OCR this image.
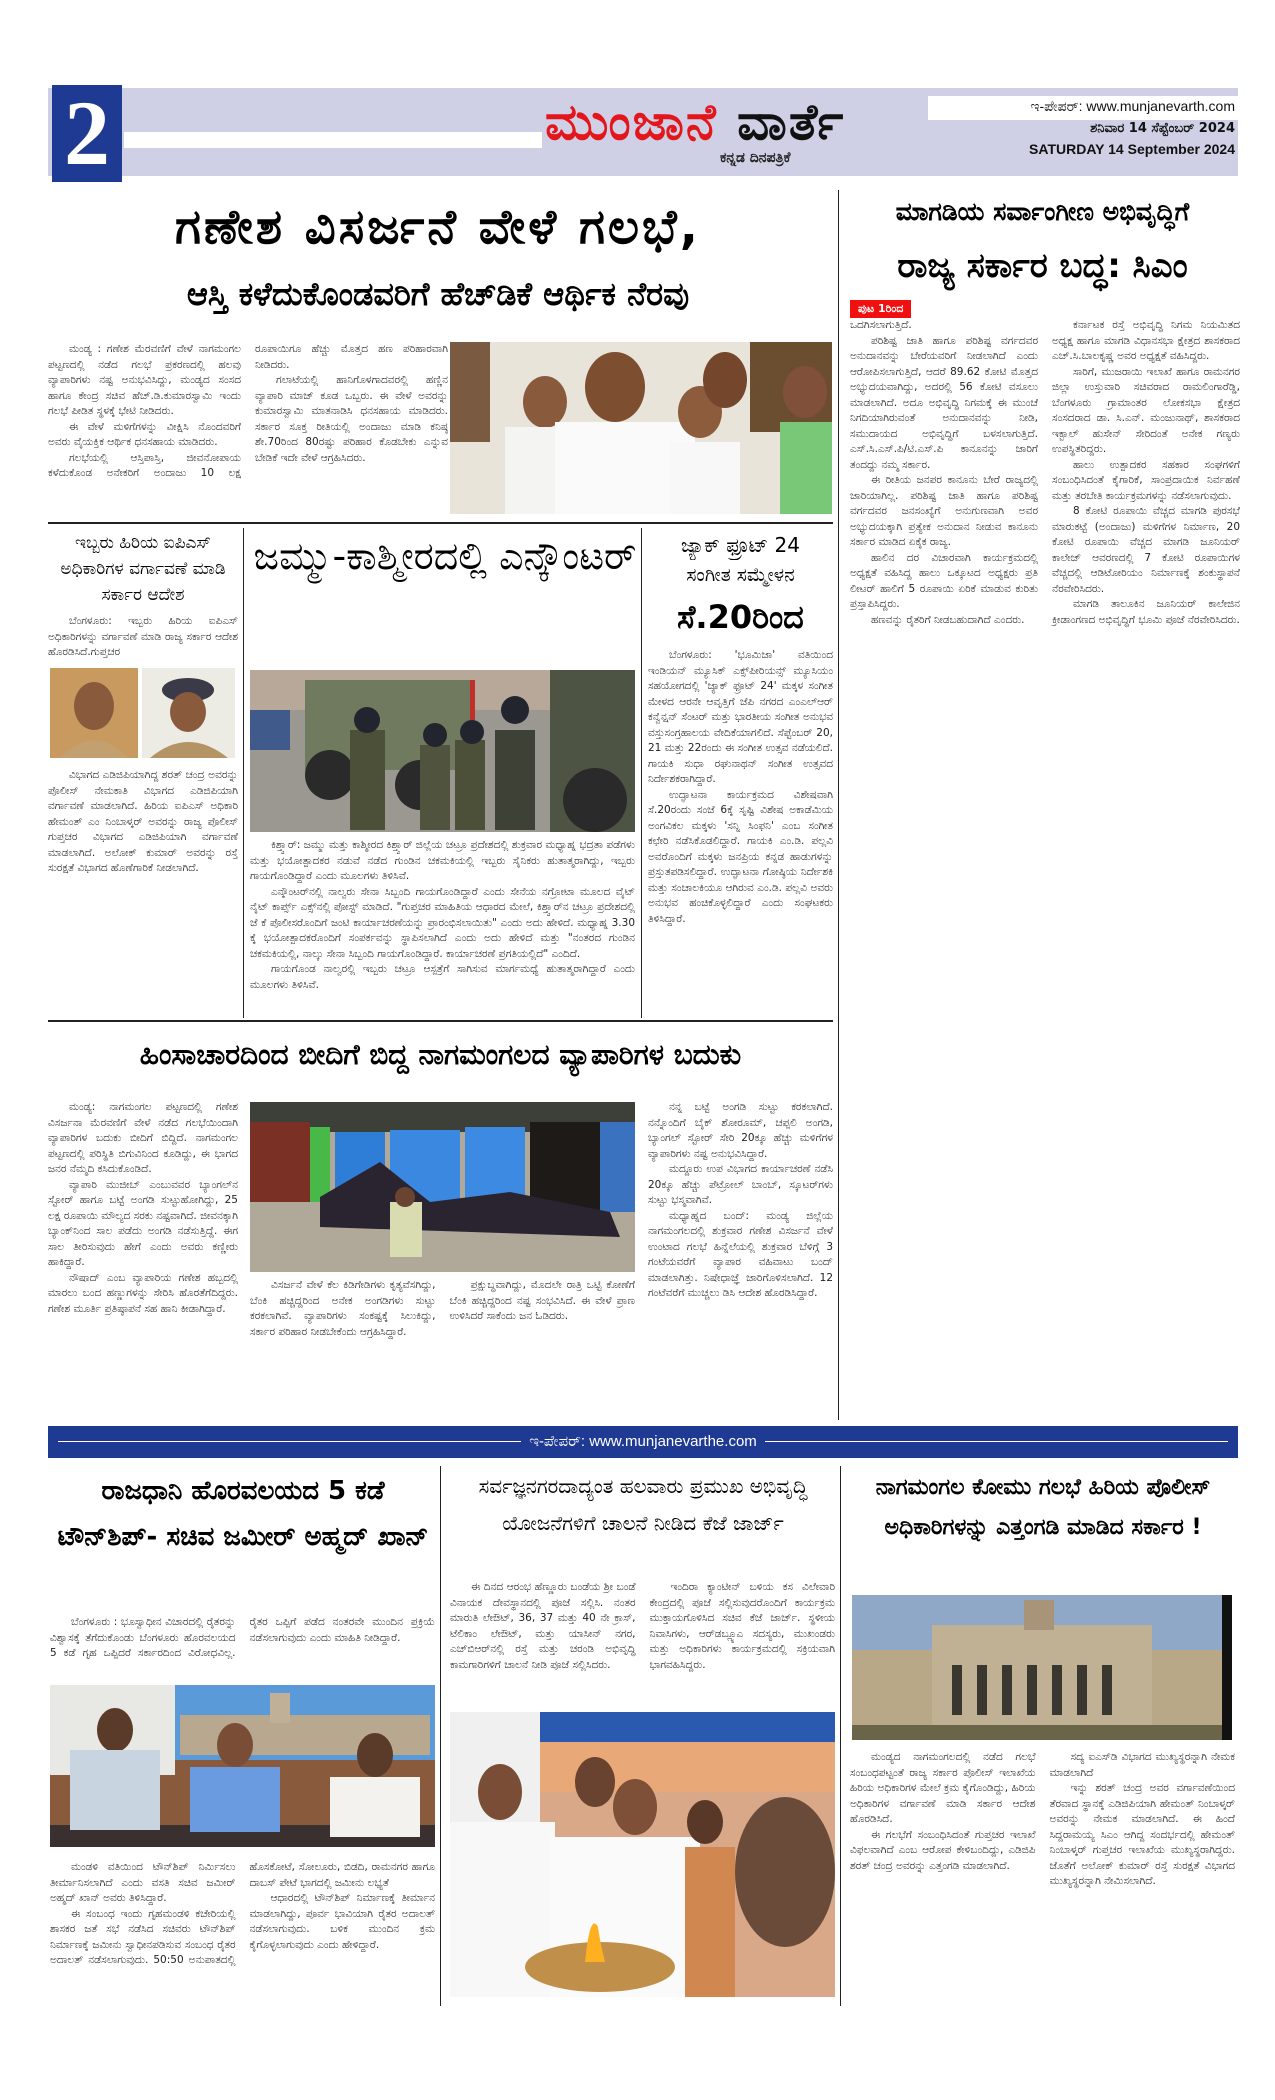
2	ಮುಂಜಾನೆ ವಾರ್ತೆ
ಕನ್ನಡ ದಿನಪತ್ರಿಕೆ
ಇ-ಪೇಪರ್: www.munjanevarth.com
ಶನಿವಾರ 14 ಸೆಪ್ಟೆಂಬರ್ 2024
SATURDAY 14 September 2024
ಗಣೇಶ ವಿಸರ್ಜನೆ ವೇಳೆ ಗಲಭೆ,
ಆಸ್ತಿ ಕಳೆದುಕೊಂಡವರಿಗೆ ಹೆಚ್‌ಡಿಕೆ ಆರ್ಥಿಕ ನೆರವು

ಮಂಡ್ಯ : ಗಣೇಶ ಮೆರವಣಿಗೆ ವೇಳೆ ನಾಗಮಂಗಲ ಪಟ್ಟಣದಲ್ಲಿ ನಡೆದ ಗಲಭೆ ಪ್ರಕರಣದಲ್ಲಿ ಹಲವು ವ್ಯಾಪಾರಿಗಳು ನಷ್ಟ ಅನುಭವಿಸಿದ್ದು, ಮಂಡ್ಯದ ಸಂಸದ ಹಾಗೂ ಕೇಂದ್ರ ಸಚಿವ ಹೆಚ್.ಡಿ.ಕುಮಾರಸ್ವಾಮಿ ಇಂದು ಗಲಭೆ ಪೀಡಿತ ಸ್ಥಳಕ್ಕೆ ಭೇಟಿ ನೀಡಿದರು.

ಈ ವೇಳೆ ಮಳಿಗೆಗಳನ್ನು ವೀಕ್ಷಿಸಿ ನೊಂದವರಿಗೆ ಅವರು ವೈಯಕ್ತಿಕ ಆರ್ಥಿಕ ಧನಸಹಾಯ ಮಾಡಿದರು.

ಗಲಭೆಯಲ್ಲಿ ಆಸ್ತಿಪಾಸ್ತಿ, ಜೀವನೋಪಾಯ ಕಳೆದುಕೊಂಡ ಅನೇಕರಿಗೆ ಅಂದಾಜು 10 ಲಕ್ಷ ರೂಪಾಯಿಗೂ ಹೆಚ್ಚು ಮೊತ್ತದ ಹಣ ಪರಿಹಾರವಾಗಿ ನೀಡಿದರು.

ಗಲಾಟೆಯಲ್ಲಿ ಹಾನಿಗೊಳಗಾದವರಲ್ಲಿ ಹಣ್ಣಿನ ವ್ಯಾಪಾರಿ ಮಾಜ್ ಕೂಡ ಒಬ್ಬರು. ಈ ವೇಳೆ ಅವರನ್ನು ಕುಮಾರಸ್ವಾಮಿ ಮಾತನಾಡಿಸಿ ಧನಸಹಾಯ ಮಾಡಿದರು. ಸರ್ಕಾರ ಸೂಕ್ತ ರೀತಿಯಲ್ಲಿ ಅಂದಾಜು ಮಾಡಿ ಕನಿಷ್ಠ ಶೇ.70ರಿಂದ 80ರಷ್ಟು ಪರಿಹಾರ ಕೊಡಬೇಕು ಎನ್ನುವ ಬೇಡಿಕೆ ಇದೇ ವೇಳೆ ಆಗ್ರಹಿಸಿದರು.

ಮಾಗಡಿಯ ಸರ್ವಾಂಗೀಣ ಅಭಿವೃದ್ಧಿಗೆ
ರಾಜ್ಯ ಸರ್ಕಾರ ಬದ್ಧ: ಸಿಎಂ
ಪುಟ 1ರಿಂದ

ಒದಗಿಸಲಾಗುತ್ತಿದೆ.

ಪರಿಶಿಷ್ಟ ಜಾತಿ ಹಾಗೂ ಪರಿಶಿಷ್ಟ ವರ್ಗದವರ ಅನುದಾನವನ್ನು ಬೇರೆಯವರಿಗೆ ನೀಡಲಾಗಿದೆ ಎಂದು ಆರೋಪಿಸಲಾಗುತ್ತಿದೆ, ಆದರೆ 89.62 ಕೋಟಿ ಮೊತ್ತದ ಅಭ್ಯುದಯವಾಗಿದ್ದು, ಅದರಲ್ಲಿ 56 ಕೋಟಿ ವಸೂಲು ಮಾಡಲಾಗಿದೆ. ಅದೂ ಅಭಿವೃದ್ಧಿ ನಿಗಮಕ್ಕೆ ಈ ಮುಂಚೆ ನಿಗದಿಯಾಗಿರುವಂತೆ ಅನುದಾನವನ್ನು ನೀಡಿ, ಸಮುದಾಯದ ಅಭಿವೃದ್ಧಿಗೆ ಬಳಸಲಾಗುತ್ತಿದೆ. ಎಸ್.ಸಿ.ಎಸ್.ಪಿ/ಟಿ.ಎಸ್.ಪಿ ಕಾನೂನನ್ನು ಜಾರಿಗೆ ತಂದದ್ದು ನಮ್ಮ ಸರ್ಕಾರ.

ಈ ರೀತಿಯ ಜನಪರ ಕಾನೂನು ಬೇರೆ ರಾಜ್ಯದಲ್ಲಿ ಜಾರಿಯಾಗಿಲ್ಲ. ಪರಿಶಿಷ್ಟ ಜಾತಿ ಹಾಗೂ ಪರಿಶಿಷ್ಟ ವರ್ಗದವರ ಜನಸಂಖ್ಯೆಗೆ ಅನುಗುಣವಾಗಿ ಅವರ ಅಭ್ಯುದಯಕ್ಕಾಗಿ ಪ್ರತ್ಯೇಕ ಅನುದಾನ ನೀಡುವ ಕಾನೂನು ಸರ್ಕಾರ ಮಾಡಿದ ಏಕೈಕ ರಾಜ್ಯ.

ಹಾಲಿನ ದರ ವಿಚಾರವಾಗಿ ಕಾರ್ಯಕ್ರಮದಲ್ಲಿ ಅಧ್ಯಕ್ಷತೆ ವಹಿಸಿದ್ದ ಹಾಲು ಒಕ್ಕೂಟದ ಅಧ್ಯಕ್ಷರು ಪ್ರತಿ ಲೀಟರ್ ಹಾಲಿಗೆ 5 ರೂಪಾಯಿ ಏರಿಕೆ ಮಾಡುವ ಕುರಿತು ಪ್ರಸ್ತಾಪಿಸಿದ್ದರು.

ಹಣವನ್ನು ರೈತರಿಗೆ ನೀಡಬಹುದಾಗಿದೆ ಎಂದರು.

ಕರ್ನಾಟಕ ರಸ್ತೆ ಅಭಿವೃದ್ಧಿ ನಿಗಮ ನಿಯಮಿತದ ಅಧ್ಯಕ್ಷ ಹಾಗೂ ಮಾಗಡಿ ವಿಧಾನಸಭಾ ಕ್ಷೇತ್ರದ ಶಾಸಕರಾದ ಎಚ್.ಸಿ.ಬಾಲಕೃಷ್ಣ ಅವರ ಅಧ್ಯಕ್ಷತೆ ವಹಿಸಿದ್ದರು.

ಸಾರಿಗೆ, ಮುಜರಾಯಿ ಇಲಾಖೆ ಹಾಗೂ ರಾಮನಗರ ಜಿಲ್ಲಾ ಉಸ್ತುವಾರಿ ಸಚಿವರಾದ ರಾಮಲಿಂಗಾರೆಡ್ಡಿ, ಬೆಂಗಳೂರು ಗ್ರಾಮಾಂತರ ಲೋಕಸಭಾ ಕ್ಷೇತ್ರದ ಸಂಸದರಾದ ಡಾ. ಸಿ.ಎನ್. ಮಂಜುನಾಥ್, ಶಾಸಕರಾದ ಇಕ್ಬಾಲ್ ಹುಸೇನ್ ಸೇರಿದಂತೆ ಅನೇಕ ಗಣ್ಯರು ಉಪಸ್ಥಿತರಿದ್ದರು.

ಹಾಲು ಉತ್ಪಾದಕರ ಸಹಕಾರ ಸಂಘಗಳಿಗೆ ಸಂಬಂಧಿಸಿದಂತೆ ಕೈಗಾರಿಕೆ, ಸಾಂಪ್ರದಾಯಿಕ ನಿರ್ವಹಣೆ ಮತ್ತು ತರಬೇತಿ ಕಾರ್ಯಕ್ರಮಗಳನ್ನು ನಡೆಸಲಾಗುವುದು.

8 ಕೋಟಿ ರೂಪಾಯಿ ವೆಚ್ಚದ ಮಾಗಡಿ ಪುರಸಭೆ ಮಾರುಕಟ್ಟೆ (ಅಂದಾಜು) ಮಳಿಗೆಗಳ ನಿರ್ಮಾಣ, 20 ಕೋಟಿ ರೂಪಾಯಿ ವೆಚ್ಚದ ಮಾಗಡಿ ಜೂನಿಯರ್ ಕಾಲೇಜ್ ಆವರಣದಲ್ಲಿ 7 ಕೋಟಿ ರೂಪಾಯಿಗಳ ವೆಚ್ಚದಲ್ಲಿ ಆಡಿಟೋರಿಯಂ ನಿರ್ಮಾಣಕ್ಕೆ ಶಂಕುಸ್ಥಾಪನೆ ನೆರವೇರಿಸಿದರು.

ಮಾಗಡಿ ತಾಲೂಕಿನ ಜೂನಿಯರ್ ಕಾಲೇಜಿನ ಕ್ರೀಡಾಂಗಣದ ಅಭಿವೃದ್ಧಿಗೆ ಭೂಮಿ ಪೂಜೆ ನೆರವೇರಿಸಿದರು.

ಇಬ್ಬರು ಹಿರಿಯ ಐಪಿಎಸ್ ಅಧಿಕಾರಿಗಳ ವರ್ಗಾವಣೆ ಮಾಡಿ ಸರ್ಕಾರ ಆದೇಶ

ಬೆಂಗಳೂರು: ಇಬ್ಬರು ಹಿರಿಯ ಐಪಿಎಸ್ ಅಧಿಕಾರಿಗಳನ್ನು ವರ್ಗಾವಣೆ ಮಾಡಿ ರಾಜ್ಯ ಸರ್ಕಾರ ಆದೇಶ ಹೊರಡಿಸಿದೆ.ಗುಪ್ತಚರ

ವಿಭಾಗದ ಎಡಿಜಿಪಿಯಾಗಿದ್ದ ಶರತ್ ಚಂದ್ರ ಅವರನ್ನು ಪೊಲೀಸ್ ನೇಮಕಾತಿ ವಿಭಾಗದ ಎಡಿಜಿಪಿಯಾಗಿ ವರ್ಗಾವಣೆ ಮಾಡಲಾಗಿದೆ. ಹಿರಿಯ ಐಪಿಎಸ್ ಅಧಿಕಾರಿ ಹೇಮಂತ್ ಎಂ ನಿಂಬಾಳ್ಕರ್ ಅವರನ್ನು ರಾಜ್ಯ ಪೊಲೀಸ್ ಗುಪ್ತಚರ ವಿಭಾಗದ ಎಡಿಜಿಪಿಯಾಗಿ ವರ್ಗಾವಣೆ ಮಾಡಲಾಗಿದೆ. ಅಲೋಕ್ ಕುಮಾರ್ ಅವರನ್ನು ರಸ್ತೆ ಸುರಕ್ಷತೆ ವಿಭಾಗದ ಹೊಣೆಗಾರಿಕೆ ನೀಡಲಾಗಿದೆ.

ಜಮ್ಮು-ಕಾಶ್ಮೀರದಲ್ಲಿ ಎನ್ಕೌಂಟರ್

ಕಿಶ್ತ್ವಾರ್: ಜಮ್ಮು ಮತ್ತು ಕಾಶ್ಮೀರದ ಕಿಶ್ತ್ವಾರ್ ಜಿಲ್ಲೆಯ ಚಟ್ರೂ ಪ್ರದೇಶದಲ್ಲಿ ಶುಕ್ರವಾರ ಮಧ್ಯಾಹ್ನ ಭದ್ರತಾ ಪಡೆಗಳು ಮತ್ತು ಭಯೋತ್ಪಾದಕರ ನಡುವೆ ನಡೆದ ಗುಂಡಿನ ಚಕಮಕಿಯಲ್ಲಿ ಇಬ್ಬರು ಸೈನಿಕರು ಹುತಾತ್ಮರಾಗಿದ್ದು, ಇಬ್ಬರು ಗಾಯಗೊಂಡಿದ್ದಾರೆ ಎಂದು ಮೂಲಗಳು ತಿಳಿಸಿವೆ.

ಎನ್ಕೌಂಟರ್‌ನಲ್ಲಿ ನಾಲ್ವರು ಸೇನಾ ಸಿಬ್ಬಂದಿ ಗಾಯಗೊಂಡಿದ್ದಾರೆ ಎಂದು ಸೇನೆಯ ನಗ್ರೋಟಾ ಮೂಲದ ವೈಟ್ ನೈಟ್ ಕಾರ್ಪ್ಸ್ ಎಕ್ಸ್‌ನಲ್ಲಿ ಪೋಸ್ಟ್ ಮಾಡಿದೆ. "ಗುಪ್ತಚರ ಮಾಹಿತಿಯ ಆಧಾರದ ಮೇಲೆ, ಕಿಶ್ತ್ವಾರ್‌ನ ಚಟ್ರೂ ಪ್ರದೇಶದಲ್ಲಿ ಜೆ ಕೆ ಪೊಲೀಸರೊಂದಿಗೆ ಜಂಟಿ ಕಾರ್ಯಾಚರಣೆಯನ್ನು ಪ್ರಾರಂಭಿಸಲಾಯಿತು" ಎಂದು ಅದು ಹೇಳಿದೆ. ಮಧ್ಯಾಹ್ನ 3.30 ಕ್ಕೆ ಭಯೋತ್ಪಾದಕರೊಂದಿಗೆ ಸಂಪರ್ಕವನ್ನು ಸ್ಥಾಪಿಸಲಾಗಿದೆ ಎಂದು ಅದು ಹೇಳಿದೆ ಮತ್ತು "ನಂತರದ ಗುಂಡಿನ ಚಕಮಕಿಯಲ್ಲಿ, ನಾಲ್ಕು ಸೇನಾ ಸಿಬ್ಬಂದಿ ಗಾಯಗೊಂಡಿದ್ದಾರೆ. ಕಾರ್ಯಾಚರಣೆ ಪ್ರಗತಿಯಲ್ಲಿದೆ" ಎಂದಿದೆ.

ಗಾಯಗೊಂಡ ನಾಲ್ವರಲ್ಲಿ ಇಬ್ಬರು ಚಟ್ರೂ ಆಸ್ಪತ್ರೆಗೆ ಸಾಗಿಸುವ ಮಾರ್ಗಮಧ್ಯೆ ಹುತಾತ್ಮರಾಗಿದ್ದಾರೆ ಎಂದು ಮೂಲಗಳು ತಿಳಿಸಿವೆ.

ಜ್ಯಾಕ್ ಫ್ರೂಟ್ 24
ಸಂಗೀತ ಸಮ್ಮೇಳನ
ಸೆ.20ರಿಂದ

ಬೆಂಗಳೂರು: 'ಭೂಮಿಜಾ' ವತಿಯಿಂದ ಇಂಡಿಯನ್ ಮ್ಯೂಸಿಕ್ ಎಕ್ಸ್‌ಪೀರಿಯನ್ಸ್ ಮ್ಯೂಸಿಯಂ ಸಹಯೋಗದಲ್ಲಿ 'ಜ್ಯಾಕ್ ಫ್ರೂಟ್ 24' ಮಕ್ಕಳ ಸಂಗೀತ ಮೇಳದ ಆರನೇ ಆವೃತ್ತಿಗೆ ಜೆಪಿ ನಗರದ ಎಂಎಲ್‌ಆರ್ ಕನ್ವೆನ್ಷನ್ ಸೆಂಟರ್ ಮತ್ತು ಭಾರತೀಯ ಸಂಗೀತ ಅನುಭವ ವಸ್ತುಸಂಗ್ರಹಾಲಯ ವೇದಿಕೆಯಾಗಲಿದೆ. ಸೆಪ್ಟೆಂಬರ್ 20, 21 ಮತ್ತು 22ರಂದು ಈ ಸಂಗೀತ ಉತ್ಸವ ನಡೆಯಲಿದೆ. ಗಾಯಕಿ ಸುಧಾ ರಘುನಾಥನ್ ಸಂಗೀತ ಉತ್ಸವದ ನಿರ್ದೇಶಕರಾಗಿದ್ದಾರೆ.

ಉದ್ಘಾಟನಾ ಕಾರ್ಯಕ್ರಮದ ವಿಶೇಷವಾಗಿ ಸೆ.20ರಂದು ಸಂಜೆ 6ಕ್ಕೆ ಸೃಷ್ಟಿ ವಿಶೇಷ ಅಕಾಡೆಮಿಯ ಅಂಗವಿಕಲ ಮಕ್ಕಳು 'ಸನ್ನಿ ಸಿಂಫನಿ' ಎಂಬ ಸಂಗೀತ ಕಛೇರಿ ನಡೆಸಿಕೊಡಲಿದ್ದಾರೆ. ಗಾಯಕಿ ಎಂ.ಡಿ. ಪಲ್ಲವಿ ಅವರೊಂದಿಗೆ ಮಕ್ಕಳು ಜನಪ್ರಿಯ ಕನ್ನಡ ಹಾಡುಗಳನ್ನು ಪ್ರಸ್ತುತಪಡಿಸಲಿದ್ದಾರೆ. ಉದ್ಘಾಟನಾ ಗೋಷ್ಠಿಯ ನಿರ್ದೇಶಕಿ ಮತ್ತು ಸಂಚಾಲಕಿಯೂ ಆಗಿರುವ ಎಂ.ಡಿ. ಪಲ್ಲವಿ ಅವರು ಅನುಭವ ಹಂಚಿಕೊಳ್ಳಲಿದ್ದಾರೆ ಎಂದು ಸಂಘಟಕರು ತಿಳಿಸಿದ್ದಾರೆ.

ಹಿಂಸಾಚಾರದಿಂದ ಬೀದಿಗೆ ಬಿದ್ದ ನಾಗಮಂಗಲದ ವ್ಯಾಪಾರಿಗಳ ಬದುಕು

ಮಂಡ್ಯ: ನಾಗಮಂಗಲ ಪಟ್ಟಣದಲ್ಲಿ ಗಣೇಶ ವಿಸರ್ಜನಾ ಮೆರವಣಿಗೆ ವೇಳೆ ನಡೆದ ಗಲಭೆಯಿಂದಾಗಿ ವ್ಯಾಪಾರಿಗಳ ಬದುಕು ಬೀದಿಗೆ ಬಿದ್ದಿದೆ. ನಾಗಮಂಗಲ ಪಟ್ಟಣದಲ್ಲಿ ಪರಿಸ್ಥಿತಿ ಬಿಗುವಿನಿಂದ ಕೂಡಿದ್ದು, ಈ ಭಾಗದ ಜನರ ನೆಮ್ಮದಿ ಕಸಿದುಕೊಂಡಿದೆ.

ವ್ಯಾಪಾರಿ ಮುಜೀಬ್ ಎಂಬುವವರ ಬ್ಯಾಂಗಲ್‌ನ ಸ್ಟೋರ್ ಹಾಗೂ ಬಟ್ಟೆ ಅಂಗಡಿ ಸುಟ್ಟುಹೋಗಿದ್ದು, 25 ಲಕ್ಷ ರೂಪಾಯಿ ಮೌಲ್ಯದ ಸರಕು ನಷ್ಟವಾಗಿದೆ. ಜೀವನಕ್ಕಾಗಿ ಬ್ಯಾಂಕ್‌ನಿಂದ ಸಾಲ ಪಡೆದು ಅಂಗಡಿ ನಡೆಸುತ್ತಿದ್ದೆ. ಈಗ ಸಾಲ ತೀರಿಸುವುದು ಹೇಗೆ ಎಂದು ಅವರು ಕಣ್ಣೀರು ಹಾಕಿದ್ದಾರೆ.

ನೌಷಾದ್ ಎಂಬ ವ್ಯಾಪಾರಿಯ ಗಣೇಶ ಹಬ್ಬದಲ್ಲಿ ಮಾರಲು ಬಂದ ಹಣ್ಣುಗಳನ್ನು ಸೇರಿಸಿ ಹೊರತೆಗೆದಿದ್ದರು. ಗಣೇಶ ಮೂರ್ತಿ ಪ್ರತಿಷ್ಠಾಪನೆ ಸಹ ಹಾನಿ ಕೀಡಾಗಿದ್ದಾರೆ.

ವಿಸರ್ಜನೆ ವೇಳೆ ಕೆಲ ಕಿಡಿಗೇಡಿಗಳು ಕೃತ್ಯವೆಸಗಿದ್ದು, ಬೆಂಕಿ ಹಚ್ಚಿದ್ದರಿಂದ ಅನೇಕ ಅಂಗಡಿಗಳು ಸುಟ್ಟು ಕರಕಲಾಗಿವೆ. ವ್ಯಾಪಾರಿಗಳು ಸಂಕಷ್ಟಕ್ಕೆ ಸಿಲುಕಿದ್ದು, ಸರ್ಕಾರ ಪರಿಹಾರ ನೀಡಬೇಕೆಂದು ಆಗ್ರಹಿಸಿದ್ದಾರೆ.

ಪ್ರಕ್ಷುಬ್ಧವಾಗಿದ್ದು, ಮೊದಲೇ ರಾತ್ರಿ ಒಟ್ಟಿ ಕೋಣೆಗೆ ಬೆಂಕಿ ಹಚ್ಚಿದ್ದರಿಂದ ನಷ್ಟ ಸಂಭವಿಸಿದೆ. ಈ ವೇಳೆ ಪ್ರಾಣ ಉಳಿಸಿದರೆ ಸಾಕೆಂದು ಜನ ಓಡಿದರು.

ನನ್ನ ಬಟ್ಟೆ ಅಂಗಡಿ ಸುಟ್ಟು ಕರಕಲಾಗಿದೆ. ನನ್ನೊಂದಿಗೆ ಬೈಕ್ ಶೋರೂಮ್, ಚಪ್ಪಲಿ ಅಂಗಡಿ, ಬ್ಯಾಂಗಲ್ ಸ್ಟೋರ್ ಸೇರಿ 20ಕ್ಕೂ ಹೆಚ್ಚು ಮಳಿಗೆಗಳ ವ್ಯಾಪಾರಿಗಳು ನಷ್ಟ ಅನುಭವಿಸಿದ್ದಾರೆ.

ಮದ್ದೂರು ಉಪ ವಿಭಾಗದ ಕಾರ್ಯಾಚರಣೆ ನಡೆಸಿ 20ಕ್ಕೂ ಹೆಚ್ಚು ಪೆಟ್ರೋಲ್ ಬಾಂಬ್, ಸ್ಕೂಟರ್‌ಗಳು ಸುಟ್ಟು ಭಸ್ಮವಾಗಿವೆ.

ಮಧ್ಯಾಹ್ನದ ಬಂದ್: ಮಂಡ್ಯ ಜಿಲ್ಲೆಯ ನಾಗಮಂಗಲದಲ್ಲಿ ಶುಕ್ರವಾರ ಗಣೇಶ ವಿಸರ್ಜನೆ ವೇಳೆ ಉಂಟಾದ ಗಲಭೆ ಹಿನ್ನೆಲೆಯಲ್ಲಿ ಶುಕ್ರವಾರ ಬೆಳಿಗ್ಗೆ 3 ಗಂಟೆಯವರೆಗೆ ವ್ಯಾಪಾರ ವಹಿವಾಟು ಬಂದ್ ಮಾಡಲಾಗಿತ್ತು. ನಿಷೇಧಾಜ್ಞೆ ಜಾರಿಗೊಳಿಸಲಾಗಿದೆ. 12 ಗಂಟೆವರೆಗೆ ಮುಚ್ಚಲು ಡಿಸಿ ಆದೇಶ ಹೊರಡಿಸಿದ್ದಾರೆ.

ಇ-ಪೇಪರ್: www.munjanevarthe.com
ರಾಜಧಾನಿ ಹೊರವಲಯದ 5 ಕಡೆ ಟೌನ್‌ಶಿಪ್- ಸಚಿವ ಜಮೀರ್ ಅಹ್ಮದ್ ಖಾನ್

ಬೆಂಗಳೂರು : ಭೂಸ್ವಾಧೀನ ವಿಚಾರದಲ್ಲಿ ರೈತರನ್ನು ವಿಶ್ವಾಸಕ್ಕೆ ತೆಗೆದುಕೊಂಡು ಬೆಂಗಳೂರು ಹೊರವಲಯದ 5 ಕಡೆ ಗೃಹ ಒಪ್ಪಿದರೆ ಸರ್ಕಾರದಿಂದ ವಿರೋಧವಿಲ್ಲ. ರೈತರ ಒಪ್ಪಿಗೆ ಪಡೆದ ನಂತರವೇ ಮುಂದಿನ ಪ್ರಕ್ರಿಯೆ ನಡೆಸಲಾಗುವುದು ಎಂದು ಮಾಹಿತಿ ನೀಡಿದ್ದಾರೆ.

ಮಂಡಳಿ ವತಿಯಿಂದ ಟೌನ್‌ಶಿಪ್ ನಿರ್ಮಿಸಲು ತೀರ್ಮಾನಿಸಲಾಗಿದೆ ಎಂದು ವಸತಿ ಸಚಿವ ಜಮೀರ್ ಅಹ್ಮದ್ ಖಾನ್ ಅವರು ತಿಳಿಸಿದ್ದಾರೆ.

ಈ ಸಂಬಂಧ ಇಂದು ಗೃಹಮಂಡಳಿ ಕಚೇರಿಯಲ್ಲಿ ಶಾಸಕರ ಜತೆ ಸಭೆ ನಡೆಸಿದ ಸಚಿವರು ಟೌನ್‌ಶಿಪ್ ನಿರ್ಮಾಣಕ್ಕೆ ಜಮೀನು ಸ್ವಾಧೀನಪಡಿಸುವ ಸಂಬಂಧ ರೈತರ ಅದಾಲತ್ ನಡೆಸಲಾಗುವುದು. 50:50 ಅನುಪಾತದಲ್ಲಿ ಹೊಸಕೋಟೆ, ಸೋಲೂರು, ಬಿಡದಿ, ರಾಮನಗರ ಹಾಗೂ ದಾಬಸ್ ಪೇಟೆ ಭಾಗದಲ್ಲಿ ಜಮೀನು ಲಭ್ಯತೆ

ಆಧಾರದಲ್ಲಿ ಟೌನ್‌ಶಿಪ್ ನಿರ್ಮಾಣಕ್ಕೆ ತೀರ್ಮಾನ ಮಾಡಲಾಗಿದ್ದು, ಪೂರ್ವ ಭಾವಿಯಾಗಿ ರೈತರ ಅದಾಲತ್ ನಡೆಸಲಾಗುವುದು. ಬಳಿಕ ಮುಂದಿನ ಕ್ರಮ ಕೈಗೊಳ್ಳಲಾಗುವುದು ಎಂದು ಹೇಳಿದ್ದಾರೆ.

ಸರ್ವಜ್ಞನಗರದಾದ್ಯಂತ ಹಲವಾರು ಪ್ರಮುಖ ಅಭಿವೃದ್ಧಿ ಯೋಜನೆಗಳಿಗೆ ಚಾಲನೆ ನೀಡಿದ ಕೆಜೆ ಜಾರ್ಜ್

ಈ ದಿನದ ಆರಂಭ ಹೆಣ್ಣೂರು ಬಂಡೆಯ ಶ್ರೀ ಬಂಡೆ ವಿನಾಯಕ ದೇವಸ್ಥಾನದಲ್ಲಿ ಪೂಜೆ ಸಲ್ಲಿಸಿ. ನಂತರ ಮಾರುತಿ ಲೇಔಟ್, 36, 37 ಮತ್ತು 40 ನೇ ಕ್ರಾಸ್, ಟೆಲಿಕಾಂ ಲೇಔಟ್, ಮತ್ತು ಯಾಸೀನ್ ನಗರ, ಎಚ್‌ಬಿಆರ್‌ನಲ್ಲಿ ರಸ್ತೆ ಮತ್ತು ಚರಂಡಿ ಅಭಿವೃದ್ಧಿ ಕಾಮಗಾರಿಗಳಿಗೆ ಚಾಲನೆ ನೀಡಿ ಪೂಜೆ ಸಲ್ಲಿಸಿದರು.

ಇಂದಿರಾ ಕ್ಯಾಂಟೀನ್ ಬಳಿಯ ಕಸ ವಿಲೇವಾರಿ ಕೇಂದ್ರದಲ್ಲಿ ಪೂಜೆ ಸಲ್ಲಿಸುವುದರೊಂದಿಗೆ ಕಾರ್ಯಕ್ರಮ ಮುಕ್ತಾಯಗೊಳಿಸಿದ ಸಚಿವ ಕೆಜೆ ಜಾರ್ಜ್. ಸ್ಥಳೀಯ ನಿವಾಸಿಗಳು, ಆರ್‌ಡಬ್ಲ್ಯೂಎ ಸದಸ್ಯರು, ಮುಖಂಡರು ಮತ್ತು ಅಧಿಕಾರಿಗಳು ಕಾರ್ಯಕ್ರಮದಲ್ಲಿ ಸಕ್ರಿಯವಾಗಿ ಭಾಗವಹಿಸಿದ್ದರು.

ನಾಗಮಂಗಲ ಕೋಮು ಗಲಭೆ ಹಿರಿಯ ಪೊಲೀಸ್ ಅಧಿಕಾರಿಗಳನ್ನು ಎತ್ತಂಗಡಿ ಮಾಡಿದ ಸರ್ಕಾರ !

ಮಂಡ್ಯದ ನಾಗಮಂಗಲದಲ್ಲಿ ನಡೆದ ಗಲಭೆ ಸಂಬಂಧಪಟ್ಟಂತೆ ರಾಜ್ಯ ಸರ್ಕಾರ ಪೊಲೀಸ್ ಇಲಾಖೆಯ ಹಿರಿಯ ಅಧಿಕಾರಿಗಳ ಮೇಲೆ ಕ್ರಮ ಕೈಗೊಂಡಿದ್ದು, ಹಿರಿಯ ಅಧಿಕಾರಿಗಳ ವರ್ಗಾವಣೆ ಮಾಡಿ ಸರ್ಕಾರ ಆದೇಶ ಹೊರಡಿಸಿದೆ.

ಈ ಗಲಭೆಗೆ ಸಂಬಂಧಿಸಿದಂತೆ ಗುಪ್ತಚರ ಇಲಾಖೆ ವಿಫಲವಾಗಿದೆ ಎಂಬ ಆರೋಪ ಕೇಳಿಬಂದಿದ್ದು, ಎಡಿಜಿಪಿ ಶರತ್ ಚಂದ್ರ ಅವರನ್ನು ಎತ್ತಂಗಡಿ ಮಾಡಲಾಗಿದೆ.

ಸದ್ಯ ಐಎಸ್‌ಡಿ ವಿಭಾಗದ ಮುಖ್ಯಸ್ಥರನ್ನಾಗಿ ನೇಮಕ ಮಾಡಲಾಗಿದೆ

ಇನ್ನು ಶರತ್ ಚಂದ್ರ ಅವರ ವರ್ಗಾವಣೆಯಿಂದ ತೆರವಾದ ಸ್ಥಾನಕ್ಕೆ ಎಡಿಜಿಪಿಯಾಗಿ ಹೇಮಂತ್ ನಿಂಬಾಳ್ಕರ್ ಅವರನ್ನು ನೇಮಕ ಮಾಡಲಾಗಿದೆ. ಈ ಹಿಂದೆ ಸಿದ್ದರಾಮಯ್ಯ ಸಿಎಂ ಆಗಿದ್ದ ಸಂದರ್ಭದಲ್ಲಿ ಹೇಮಂತ್ ನಿಂಬಾಳ್ಕರ್ ಗುಪ್ತಚರ ಇಲಾಖೆಯ ಮುಖ್ಯಸ್ಥರಾಗಿದ್ದರು. ಜೊತೆಗೆ ಅಲೋಕ್ ಕುಮಾರ್ ರಸ್ತೆ ಸುರಕ್ಷತೆ ವಿಭಾಗದ ಮುಖ್ಯಸ್ಥರನ್ನಾಗಿ ನೇಮಿಸಲಾಗಿದೆ.
